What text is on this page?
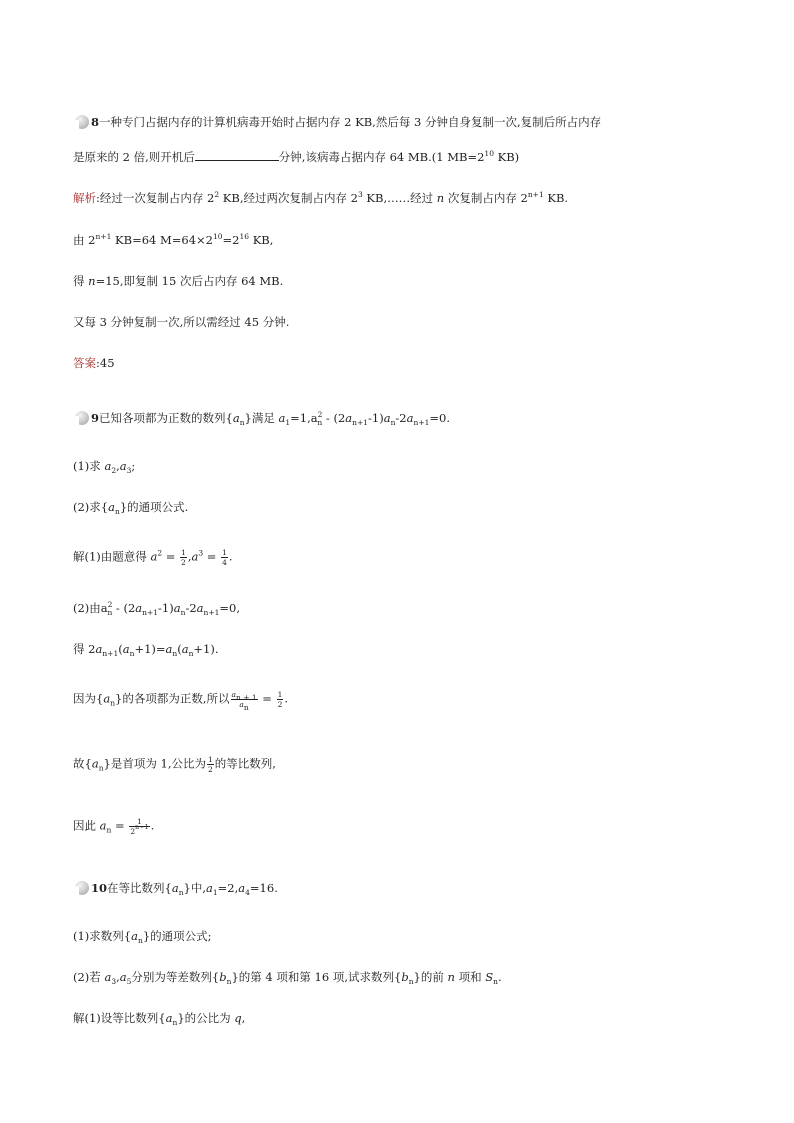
8一种专门占据内存的计算机病毒开始时占据内存 2 KB,然后每 3 分钟自身复制一次,复制后所占内存
是原来的 2 倍,则开机后	分钟,该病毒占据内存 64 MB.(1 $MB=2^{10}$ KB)
解析:经过一次复制占内存 $2^2$ KB,经过两次复制占内存 $2^3$ KB,……经过 n 次复制占内存 $2^{n+1}$ KB.
由 $2^{n+1}$ KB=64 $M=64\times 2^{10}=2^{16}$ KB,
得 n=15,即复制 15 次后占内存 64 MB.
又每 3 分钟复制一次,所以需经过 45 分钟.
答案:45
9已知各项都为正数的数列$\{a_n\}$满足 $a_1=1,a^2_n - (2a_{n+1}-1)a_n-2a_{n+1}=0$.
(1)求 $a_2,a_3$;
(2)求$\{a_n\}$的通项公式.
解(1)由题意得 $a^2 = \frac{1}{2} ,a^3 = \frac{1}{4}$ .
(2)由$a^2_n - (2a_{n+1}-1)a_n-2a_{n+1}=0$,
得 $2a_{n+1}(a_n+1)=a_n(a_n+1)$.
因为$\{a_n\}$的各项都为正数,所以 $\frac{a_{n + 1}}{a_n} = \frac{1}{2}$ .
故$\{a_n\}$是首项为 1,公比为 $\frac{1}{2}$ 的等比数列,
因此 $a_n = \frac{1}{2^{n - 1}}$ .
10在等比数列$\{a_n\}$中$,a_1=2,a_4=16$.
(1)求数列$\{a_n\}$的通项公式;
(2)若 $a_3,a_5$分别为等差数列$\{b_n\}$的第 4 项和第 16 项,试求数列$\{b_n\}$的前 n 项和 $S_n$.
解(1)设等比数列$\{a_n\}$的公比为 q,
